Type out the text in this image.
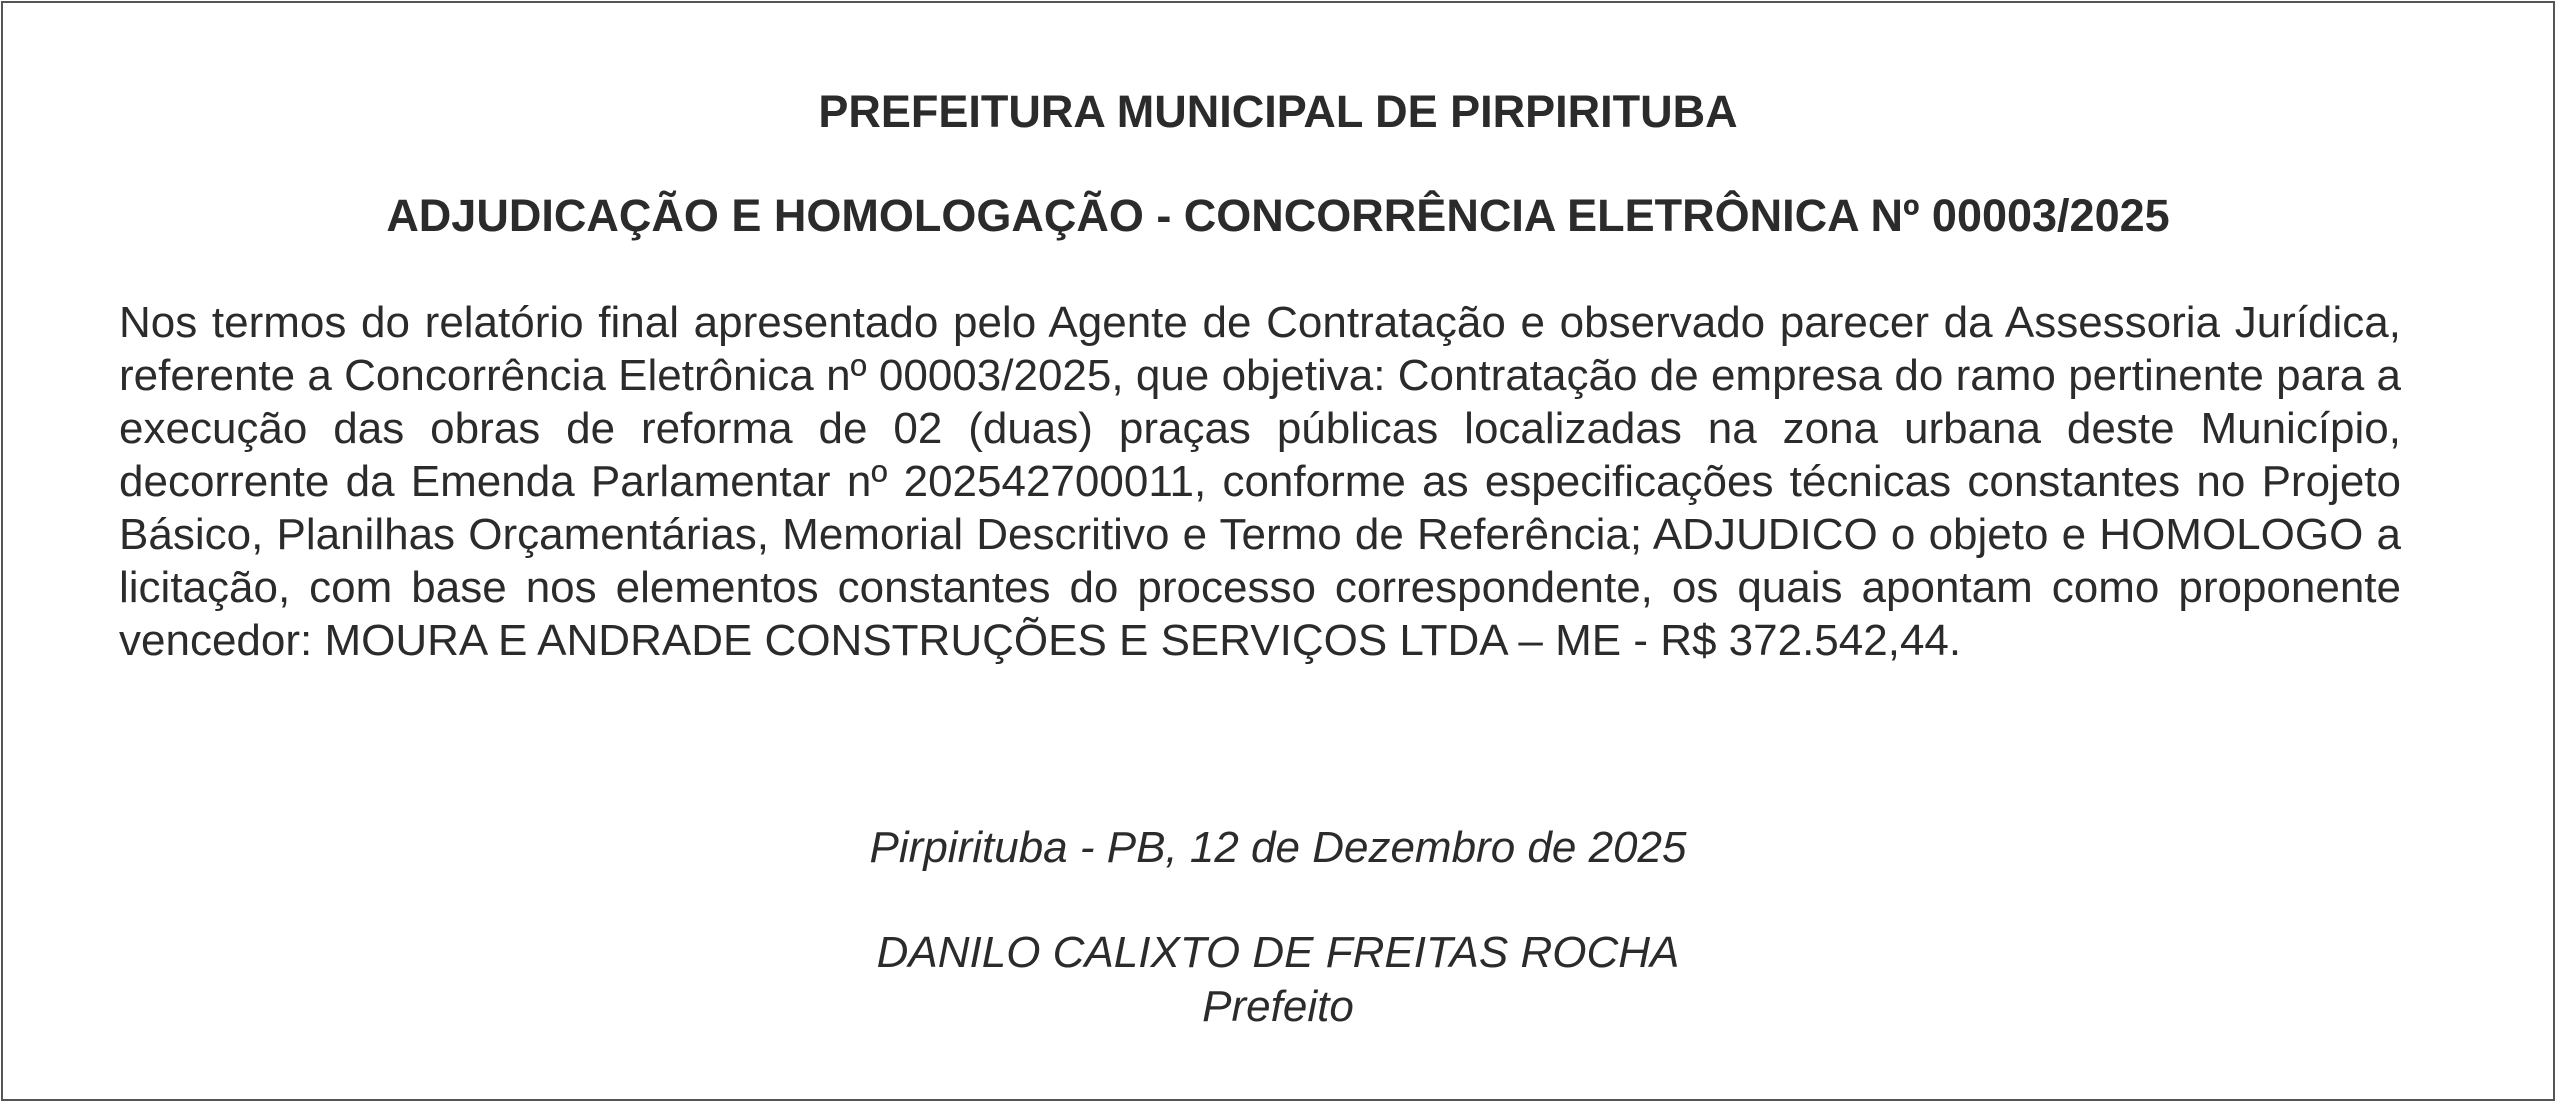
PREFEITURA MUNICIPAL DE PIRPIRITUBA
ADJUDICAÇÃO E HOMOLOGAÇÃO - CONCORRÊNCIA ELETRÔNICA Nº 00003/2025
Nos termos do relatório final apresentado pelo Agente de Contratação e observado parecer da Assessoria Jurídica, referente a Concorrência Eletrônica nº 00003/2025, que objetiva: Contratação de empresa do ramo pertinente para a execução das obras de reforma de 02 (duas) praças públicas localizadas na zona urbana deste Município, decorrente da Emenda Parlamentar nº 202542700011, conforme as especificações técnicas constantes no Projeto Básico, Planilhas Orçamentárias, Memorial Descritivo e Termo de Referência; ADJUDICO o objeto e HOMOLOGO a licitação, com base nos elementos constantes do processo correspondente, os quais apontam como proponente vencedor: MOURA E ANDRADE CONSTRUÇÕES E SERVIÇOS LTDA – ME - R$ 372.542,44.
Pirpirituba - PB, 12 de Dezembro de 2025
DANILO CALIXTO DE FREITAS ROCHA
Prefeito
